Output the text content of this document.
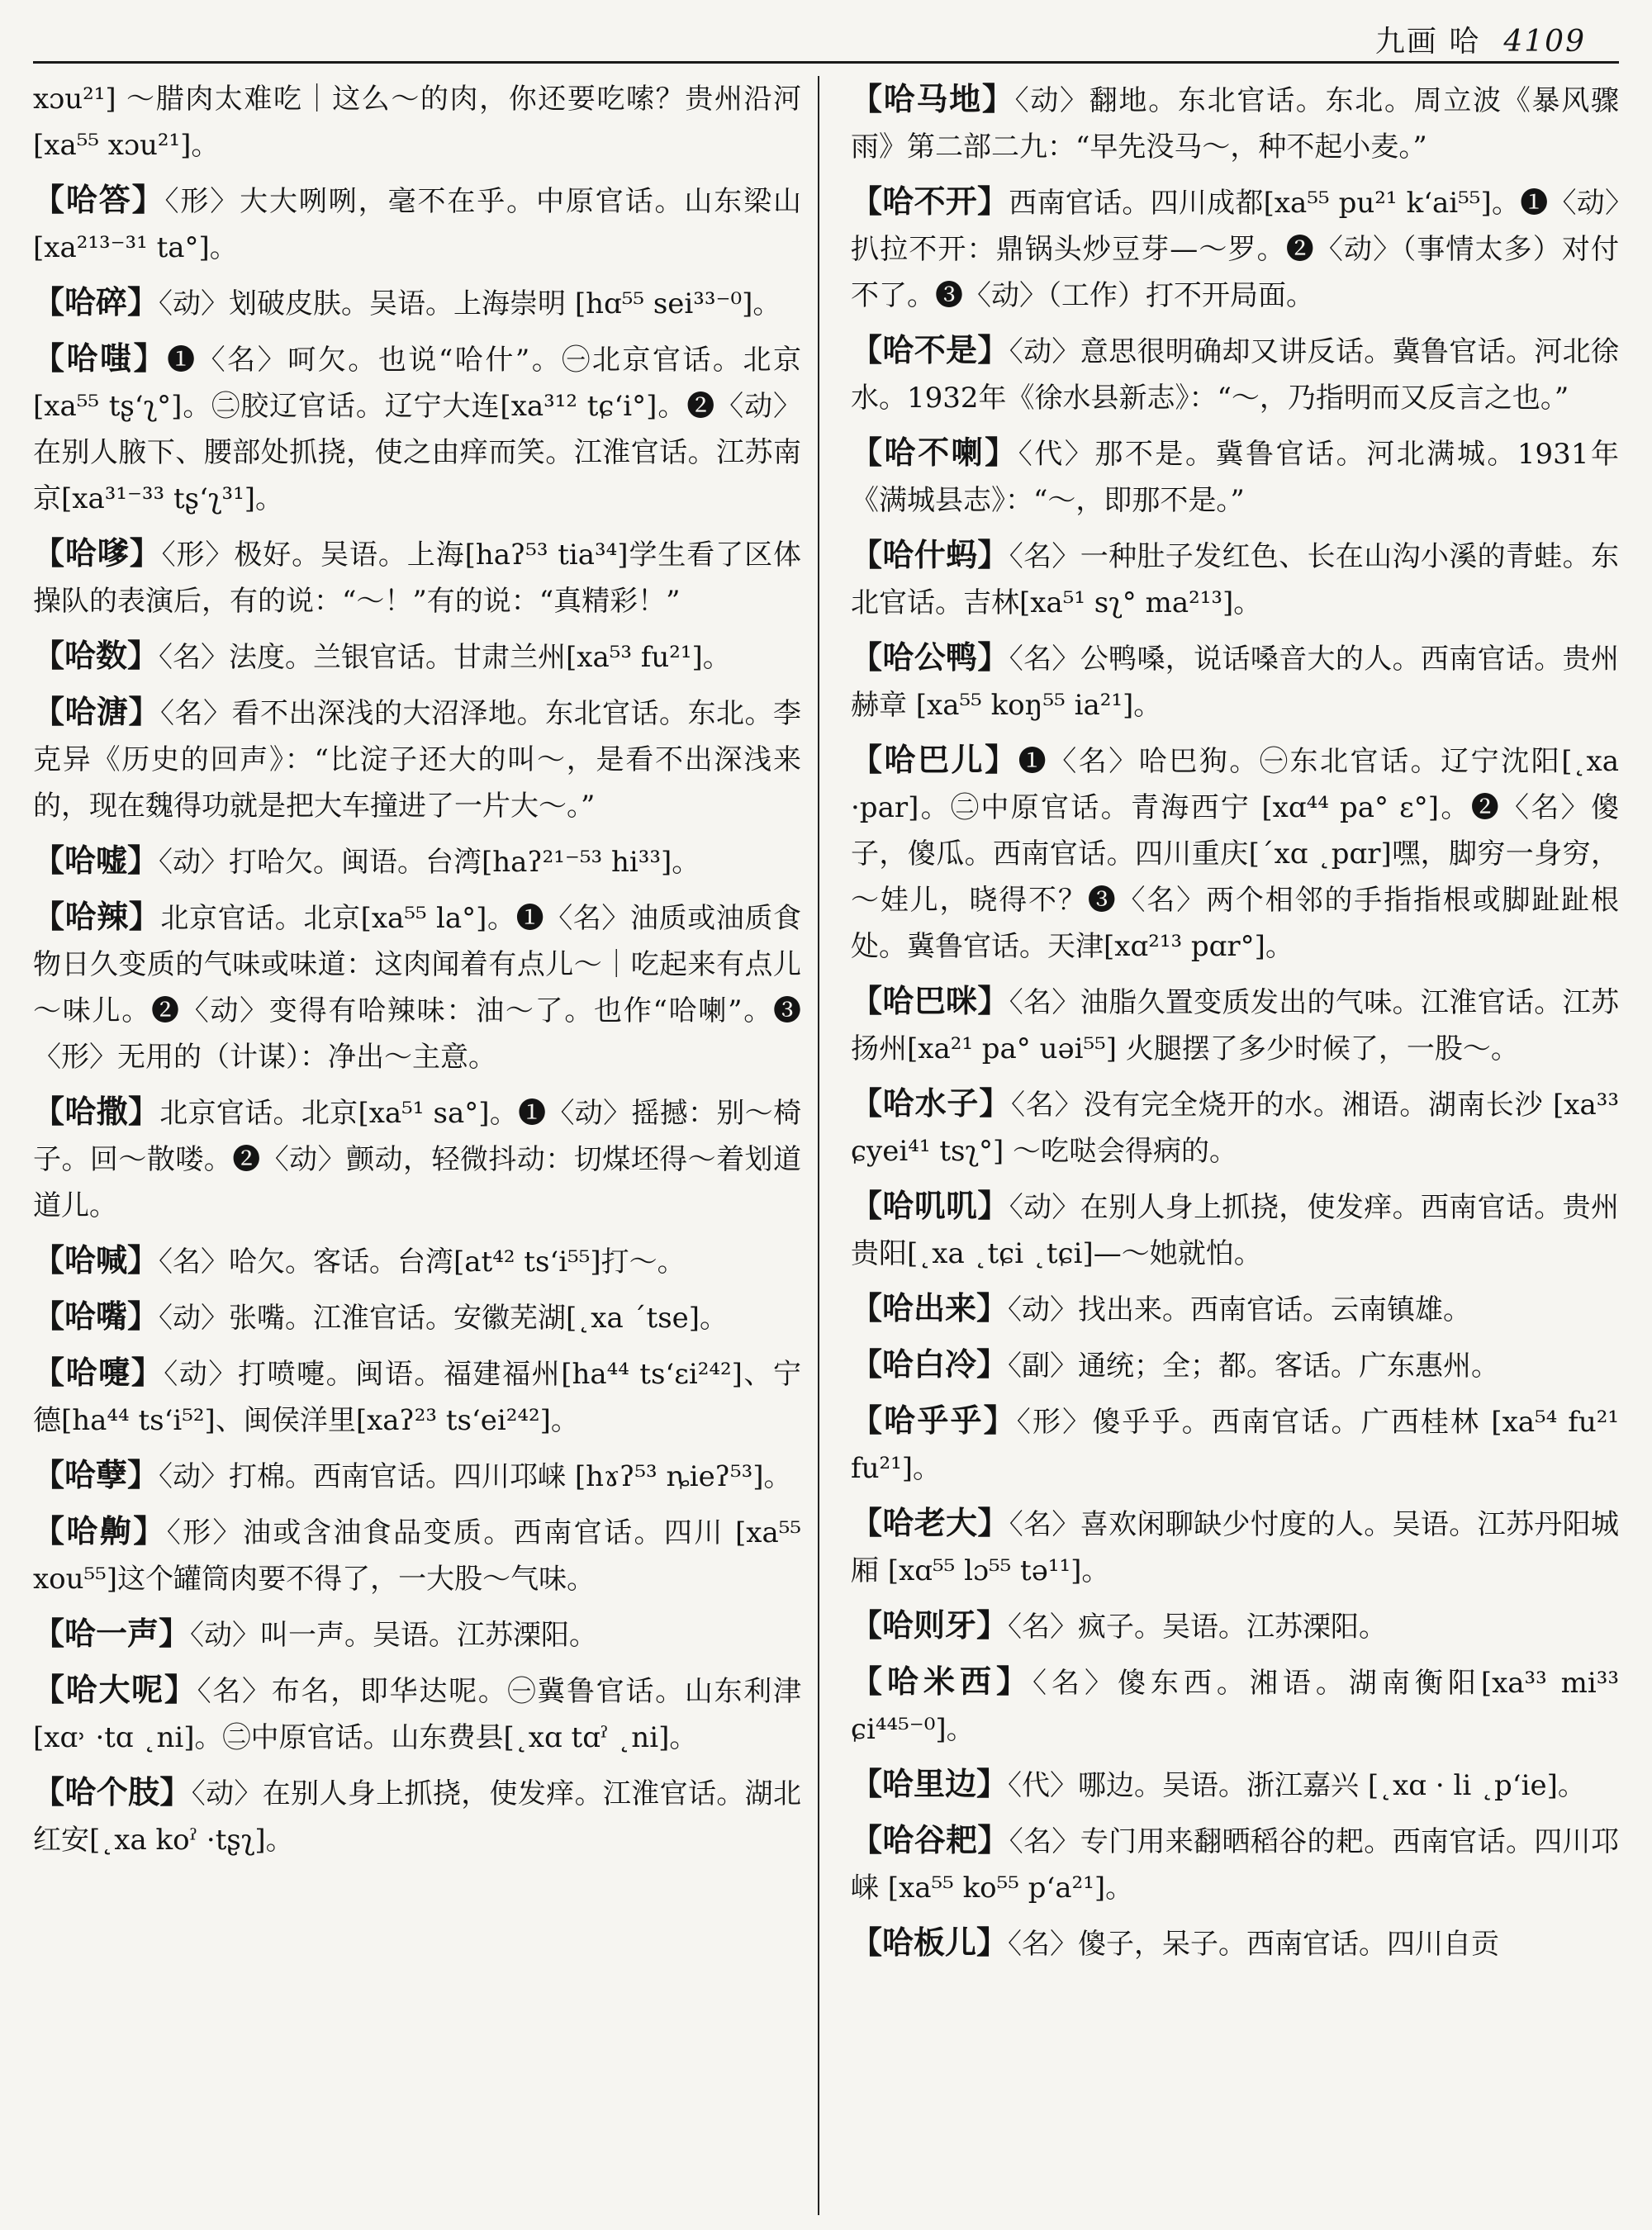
九画 哈 4109
xɔu²¹] ～腊肉太难吃｜这么～的肉，你还要吃嗦？贵州沿河 [xa⁵⁵ xɔu²¹]。
【哈答】〈形〉大大咧咧，毫不在乎。中原官话。山东梁山 [xa²¹³⁻³¹ ta°]。
【哈碎】〈动〉划破皮肤。吴语。上海崇明 [hɑ⁵⁵ sei³³⁻⁰]。
【哈嗤】❶〈名〉呵欠。也说“哈什”。㊀北京官话。北京[xa⁵⁵ tʂʻʅ°]。㊁胶辽官话。辽宁大连[xa³¹² tɕʻi°]。❷〈动〉在别人腋下、腰部处抓挠，使之由痒而笑。江淮官话。江苏南京[xa³¹⁻³³ tʂʻʅ³¹]。
【哈嗲】〈形〉极好。吴语。上海[haʔ⁵³ tia³⁴]学生看了区体操队的表演后，有的说：“～！”有的说：“真精彩！”
【哈数】〈名〉法度。兰银官话。甘肃兰州[xa⁵³ fu²¹]。
【哈溏】〈名〉看不出深浅的大沼泽地。东北官话。东北。李克异《历史的回声》：“比淀子还大的叫～，是看不出深浅来的，现在魏得功就是把大车撞进了一片大～。”
【哈嘘】〈动〉打哈欠。闽语。台湾[haʔ²¹⁻⁵³ hi³³]。
【哈辣】北京官话。北京[xa⁵⁵ la°]。❶〈名〉油质或油质食物日久变质的气味或味道：这肉闻着有点儿～｜吃起来有点儿～味儿。❷〈动〉变得有哈辣味：油～了。也作“哈喇”。❸〈形〉无用的（计谋）：净出～主意。
【哈撒】北京官话。北京[xa⁵¹ sa°]。❶〈动〉摇撼：别～椅子。回～散喽。❷〈动〉颤动，轻微抖动：切煤坯得～着划道道儿。
【哈喊】〈名〉哈欠。客话。台湾[at⁴² tsʻi⁵⁵]打～。
【哈嘴】〈动〉张嘴。江淮官话。安徽芜湖[˛xa ˊtse]。
【哈嚏】〈动〉打喷嚏。闽语。福建福州[ha⁴⁴ tsʻɛi²⁴²]、宁德[ha⁴⁴ tsʻi⁵²]、闽侯洋里[xaʔ²³ tsʻei²⁴²]。
【哈孽】〈动〉打棉。西南官话。四川邛崃 [hɤʔ⁵³ ȵieʔ⁵³]。
【哈齁】〈形〉油或含油食品变质。西南官话。四川 [xa⁵⁵ xou⁵⁵]这个罐筒肉要不得了，一大股～气味。
【哈一声】〈动〉叫一声。吴语。江苏溧阳。
【哈大呢】〈名〉布名，即华达呢。㊀冀鲁官话。山东利津[xɑ˒ ·tɑ ˛ni]。㊁中原官话。山东费县[˛xɑ tɑˀ ˛ni]。
【哈个肢】〈动〉在别人身上抓挠，使发痒。江淮官话。湖北红安[˛xa koˀ ·tʂʅ]。
【哈马地】〈动〉翻地。东北官话。东北。周立波《暴风骤雨》第二部二九：“早先没马～，种不起小麦。”
【哈不开】西南官话。四川成都[xa⁵⁵ pu²¹ kʻai⁵⁵]。❶〈动〉扒拉不开：鼎锅头炒豆芽—～罗。❷〈动〉（事情太多）对付不了。❸〈动〉（工作）打不开局面。
【哈不是】〈动〉意思很明确却又讲反话。冀鲁官话。河北徐水。1932年《徐水县新志》：“～，乃指明而又反言之也。”
【哈不喇】〈代〉那不是。冀鲁官话。河北满城。1931年《满城县志》：“～，即那不是。”
【哈什蚂】〈名〉一种肚子发红色、长在山沟小溪的青蛙。东北官话。吉林[xa⁵¹ sʅ° ma²¹³]。
【哈公鸭】〈名〉公鸭嗓，说话嗓音大的人。西南官话。贵州赫章 [xa⁵⁵ koŋ⁵⁵ ia²¹]。
【哈巴儿】❶〈名〉哈巴狗。㊀东北官话。辽宁沈阳[˛xa ·par]。㊁中原官话。青海西宁 [xɑ⁴⁴ pa° ɛ°]。❷〈名〉傻子，傻瓜。西南官话。四川重庆[ˊxɑ ˛pɑr]嘿，脚穷一身穷，～娃儿，晓得不？❸〈名〉两个相邻的手指指根或脚趾趾根处。冀鲁官话。天津[xɑ²¹³ pɑr°]。
【哈巴咪】〈名〉油脂久置变质发出的气味。江淮官话。江苏扬州[xa²¹ pa° uəi⁵⁵] 火腿摆了多少时候了，一股～。
【哈水子】〈名〉没有完全烧开的水。湘语。湖南长沙 [xa³³ ɕyei⁴¹ tsʅ°] ～吃哒会得病的。
【哈叽叽】〈动〉在别人身上抓挠，使发痒。西南官话。贵州贵阳[˛xa ˛tɕi ˛tɕi]—～她就怕。
【哈出来】〈动〉找出来。西南官话。云南镇雄。
【哈白冷】〈副〉通统；全；都。客话。广东惠州。
【哈乎乎】〈形〉傻乎乎。西南官话。广西桂林 [xa⁵⁴ fu²¹ fu²¹]。
【哈老大】〈名〉喜欢闲聊缺少忖度的人。吴语。江苏丹阳城厢 [xɑ⁵⁵ lɔ⁵⁵ tə¹¹]。
【哈则牙】〈名〉疯子。吴语。江苏溧阳。
【哈米西】〈名〉傻东西。湘语。湖南衡阳[xa³³ mi³³ ɕi⁴⁴⁵⁻⁰]。
【哈里边】〈代〉哪边。吴语。浙江嘉兴 [˛xɑ · li ˛pʻie]。
【哈谷耙】〈名〉专门用来翻晒稻谷的耙。西南官话。四川邛崃 [xa⁵⁵ ko⁵⁵ pʻa²¹]。
【哈板儿】〈名〉傻子，呆子。西南官话。四川自贡
